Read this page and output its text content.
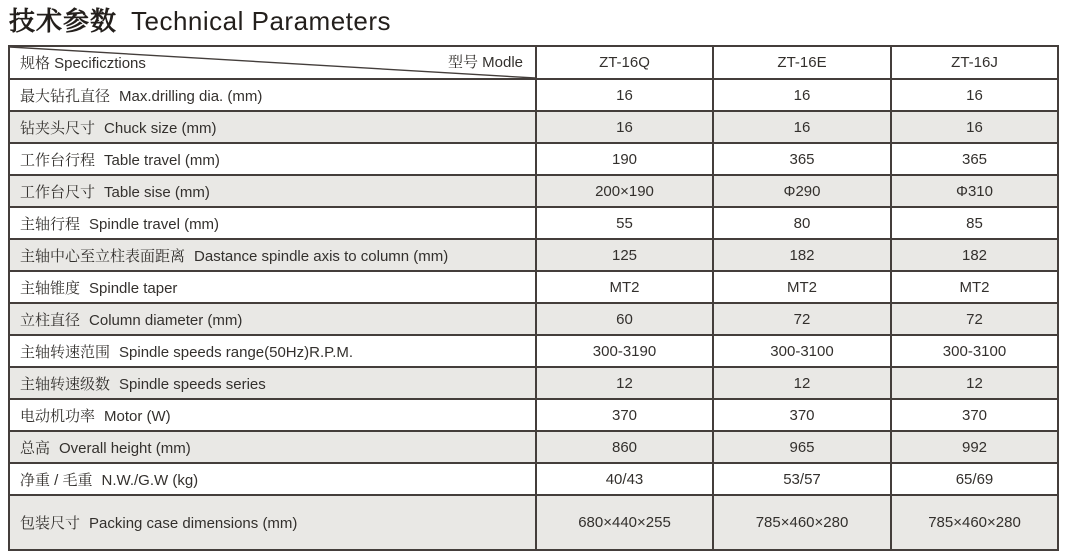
技术参数 Technical Parameters
规格 Specificztions 型号 Modle	ZT-16Q	ZT-16E	ZT-16J
最大钻孔直径 Max.drilling dia. (mm)	16	16	16
钻夹头尺寸 Chuck size (mm)	16	16	16
工作台行程 Table travel (mm)	190	365	365
工作台尺寸 Table sise (mm)	200×190	Φ290	Φ310
主轴行程 Spindle travel (mm)	55	80	85
主轴中心至立柱表面距离 Dastance spindle axis to column (mm)	125	182	182
主轴锥度 Spindle taper	MT2	MT2	MT2
立柱直径 Column diameter (mm)	60	72	72
主轴转速范围 Spindle speeds range(50Hz)R.P.M.	300-3190	300-3100	300-3100
主轴转速级数 Spindle speeds series	12	12	12
电动机功率 Motor (W)	370	370	370
总高 Overall height (mm)	860	965	992
净重 / 毛重 N.W./G.W (kg)	40/43	53/57	65/69
包装尺寸 Packing case dimensions (mm)	680×440×255	785×460×280	785×460×280
